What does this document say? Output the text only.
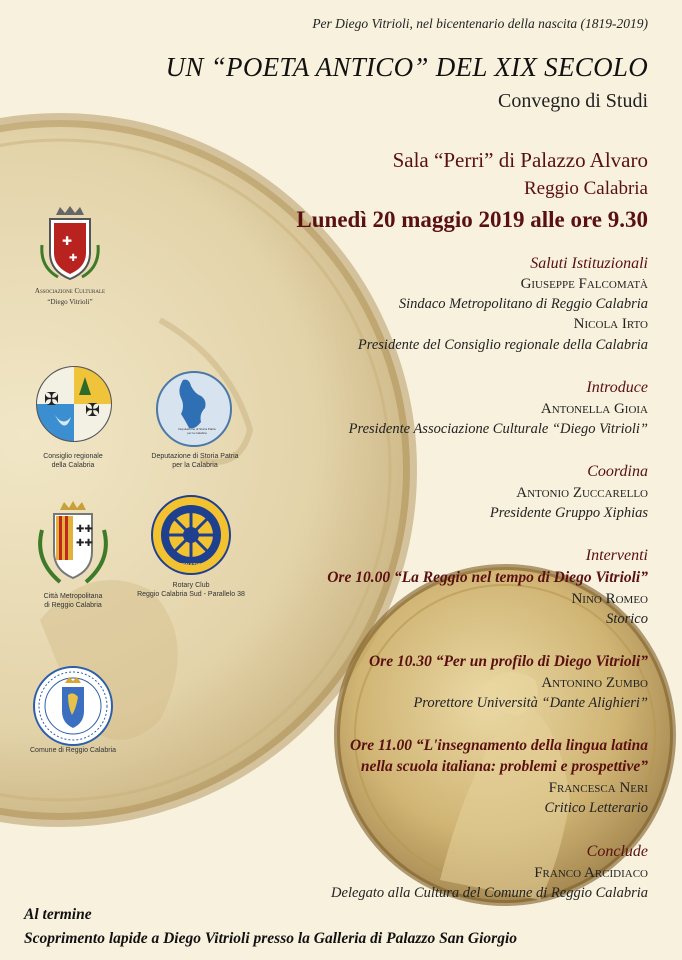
Per Diego Vitrioli, nel bicentenario della nascita (1819-2019)
UN “POETA ANTICO” DEL XIX SECOLO
Convegno di Studi
Sala “Perri” di Palazzo Alvaro
Reggio Calabria
Lunedì 20 maggio 2019 alle ore 9.30
Saluti Istituzionali
Giuseppe Falcomatà
Sindaco Metropolitano di Reggio Calabria
Nicola Irto
Presidente del Consiglio regionale della Calabria
Introduce
Antonella Gioia
Presidente Associazione Culturale “Diego Vitrioli”
Coordina
Antonio Zuccarello
Presidente Gruppo Xiphias
Interventi
Ore 10.00 “La Reggio nel tempo di Diego Vitrioli”
Nino Romeo
Storico
Ore 10.30 “Per un profilo di Diego Vitrioli”
Antonino Zumbo
Prorettore Università “Dante Alighieri”
Ore 11.00 “L'insegnamento della lingua latina
nella scuola italiana: problemi e prospettive”
Francesca Neri
Critico Letterario
Conclude
Franco Arcidiaco
Delegato alla Cultura del Comune di Reggio Calabria
Al termine
Scoprimento lapide a Diego Vitrioli presso la Galleria di Palazzo San Giorgio
✚
✚
Associazione Culturale
“Diego Vitrioli”
✠
✠
Consiglio regionale
della Calabria
Deputazione di Storia Patria per la Calabria
Deputazione di Storia Patria
per la Calabria
✚✚
✚✚
Città Metropolitana
di Reggio Calabria
ROTARY
INTERNATIONAL
Rotary Club
Reggio Calabria Sud - Parallelo 38
Comune di Reggio Calabria
